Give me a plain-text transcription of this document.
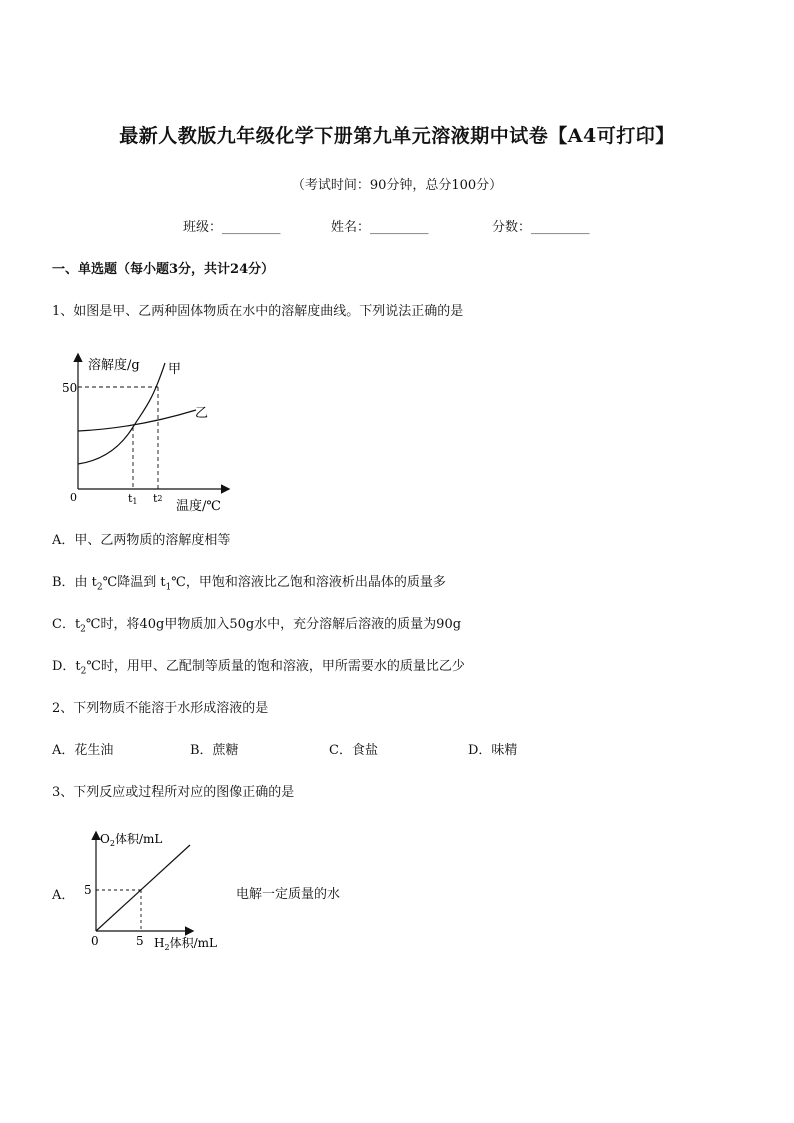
最新人教版九年级化学下册第九单元溶液期中试卷【A4可打印】
（考试时间：90分钟，总分100分）
班级：_________	姓名：_________	分数：_________
一、单选题（每小题3分，共计24分）
1、如图是甲、乙两种固体物质在水中的溶解度曲线。下列说法正确的是
溶解度/g
50
0
甲
乙
t1 t2
温度/℃
A．甲、乙两物质的溶解度相等
B．由 $t_2℃$降温到 $t_1℃$，甲饱和溶液比乙饱和溶液析出晶体的质量多
C．$t_2℃$时，将40g甲物质加入50g水中，充分溶解后溶液的质量为90g
D．$t_2℃$时，用甲、乙配制等质量的饱和溶液，甲所需要水的质量比乙少
2、下列物质不能溶于水形成溶液的是
A．花生油	B．蔗糖	C．食盐	D．味精
3、下列反应或过程所对应的图像正确的是
A．
$O_2$体积/mL
5
0	5 $H_2$体积/mL
电解一定质量的水
